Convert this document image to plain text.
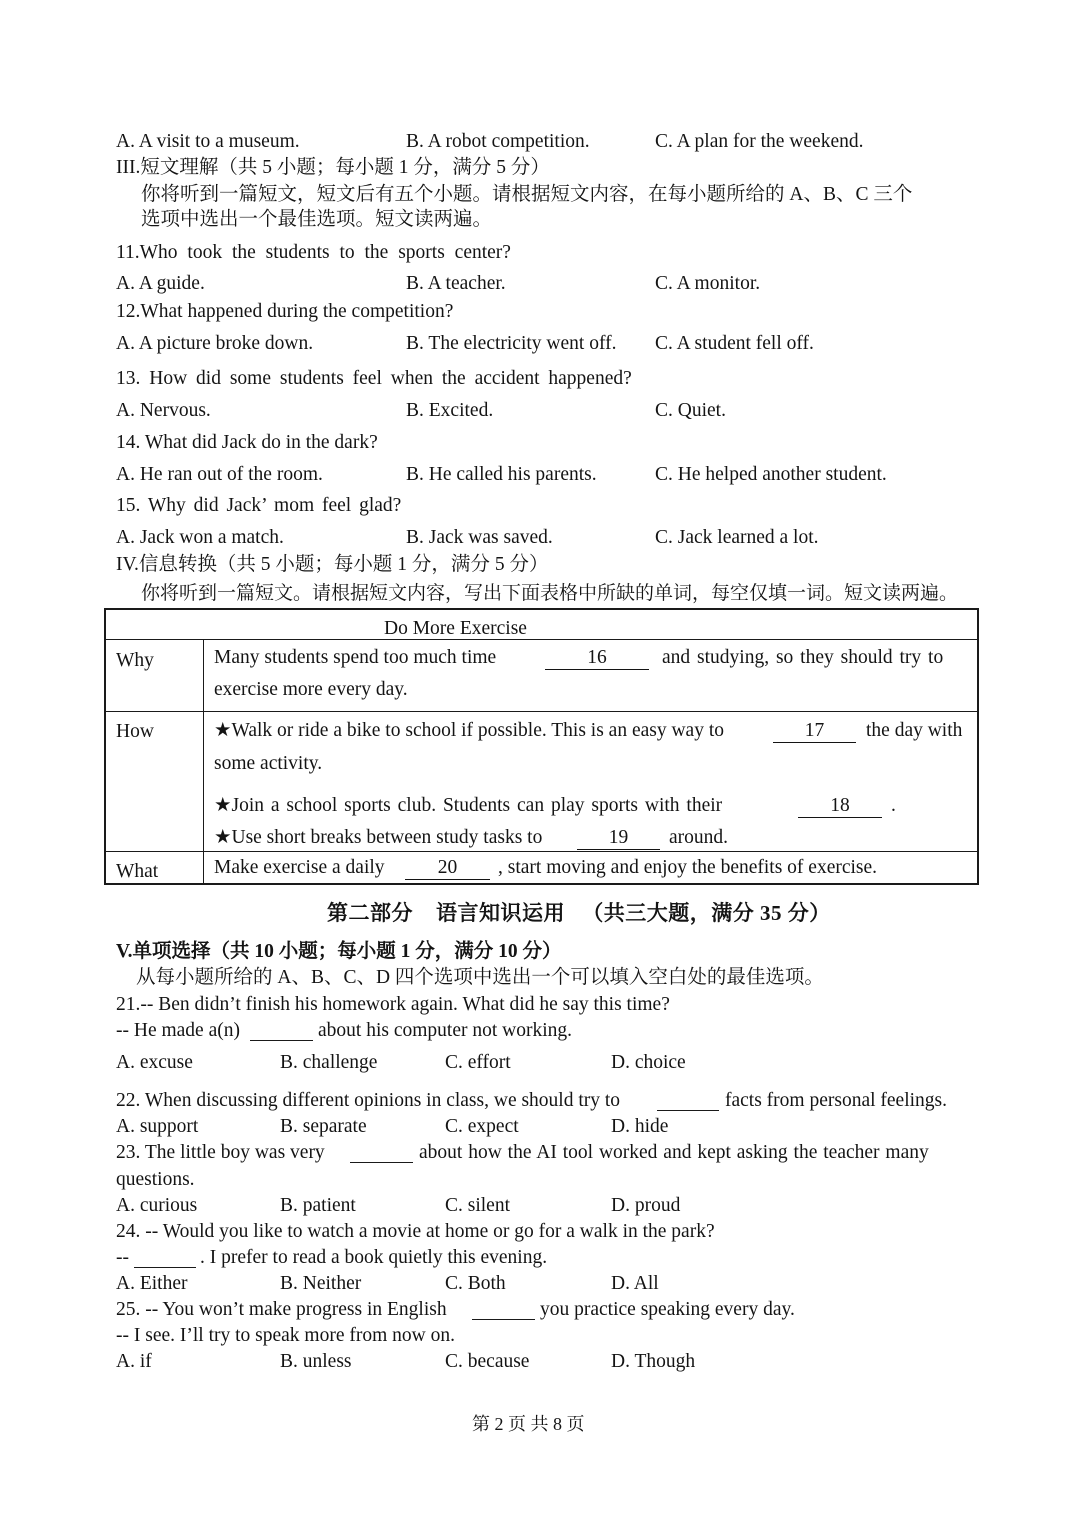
A. A visit to a museum.	B. A robot competition.	C. A plan for the weekend.
III.短文理解（共 5 小题；每小题 1 分，满分 5 分）
你将听到一篇短文，短文后有五个小题。请根据短文内容，在每小题所给的 A、B、C 三个
选项中选出一个最佳选项。短文读两遍。
11.Who took the students to the sports center?
A. A guide.	B. A teacher.	C. A monitor.
12.What happened during the competition?
A. A picture broke down.	B. The electricity went off. C. A student fell off.
13. How did some students feel when the accident happened?
A. Nervous.	B. Excited.	C. Quiet.
14. What did Jack do in the dark?
A. He ran out of the room.	B. He called his parents.	C. He helped another student.
15. Why did Jack’ mom feel glad?
A. Jack won a match.	B. Jack was saved.	C. Jack learned a lot.
IV.信息转换（共 5 小题；每小题 1 分，满分 5 分）
你将听到一篇短文。请根据短文内容，写出下面表格中所缺的单词，每空仅填一词。短文读两遍。
Do More Exercise
Why	Many students spend too much time	16	and studying, so they should try to
exercise more every day.
How	★Walk or ride a bike to school if possible. This is an easy way to	17	the day with
some activity.
★Join a school sports club. Students can play sports with their	18	.
★Use short breaks between study tasks to	19	around.
What	Make exercise a daily	20	, start moving and enjoy the benefits of exercise.
第二部分    语言知识运用   （共三大题，满分 35 分）
V.单项选择（共 10 小题；每小题 1 分，满分 10 分）
从每小题所给的 A、B、C、D 四个选项中选出一个可以填入空白处的最佳选项。
21.-- Ben didn’t finish his homework again. What did he say this time?
-- He made a(n)	about his computer not working.
A. excuse	B. challenge	C. effort	D. choice
22. When discussing different opinions in class, we should try to	facts from personal feelings.
A. support	B. separate	C. expect	D. hide
23. The little boy was very	about how the AI tool worked and kept asking the teacher many
questions.
A. curious	B. patient	C. silent	D. proud
24. -- Would you like to watch a movie at home or go for a walk in the park?
--	. I prefer to read a book quietly this evening.
A. Either	B. Neither	C. Both	D. All
25. -- You won’t make progress in English	you practice speaking every day.
-- I see. I’ll try to speak more from now on.
A. if	B. unless	C. because	D. Though
第 2 页 共 8 页
